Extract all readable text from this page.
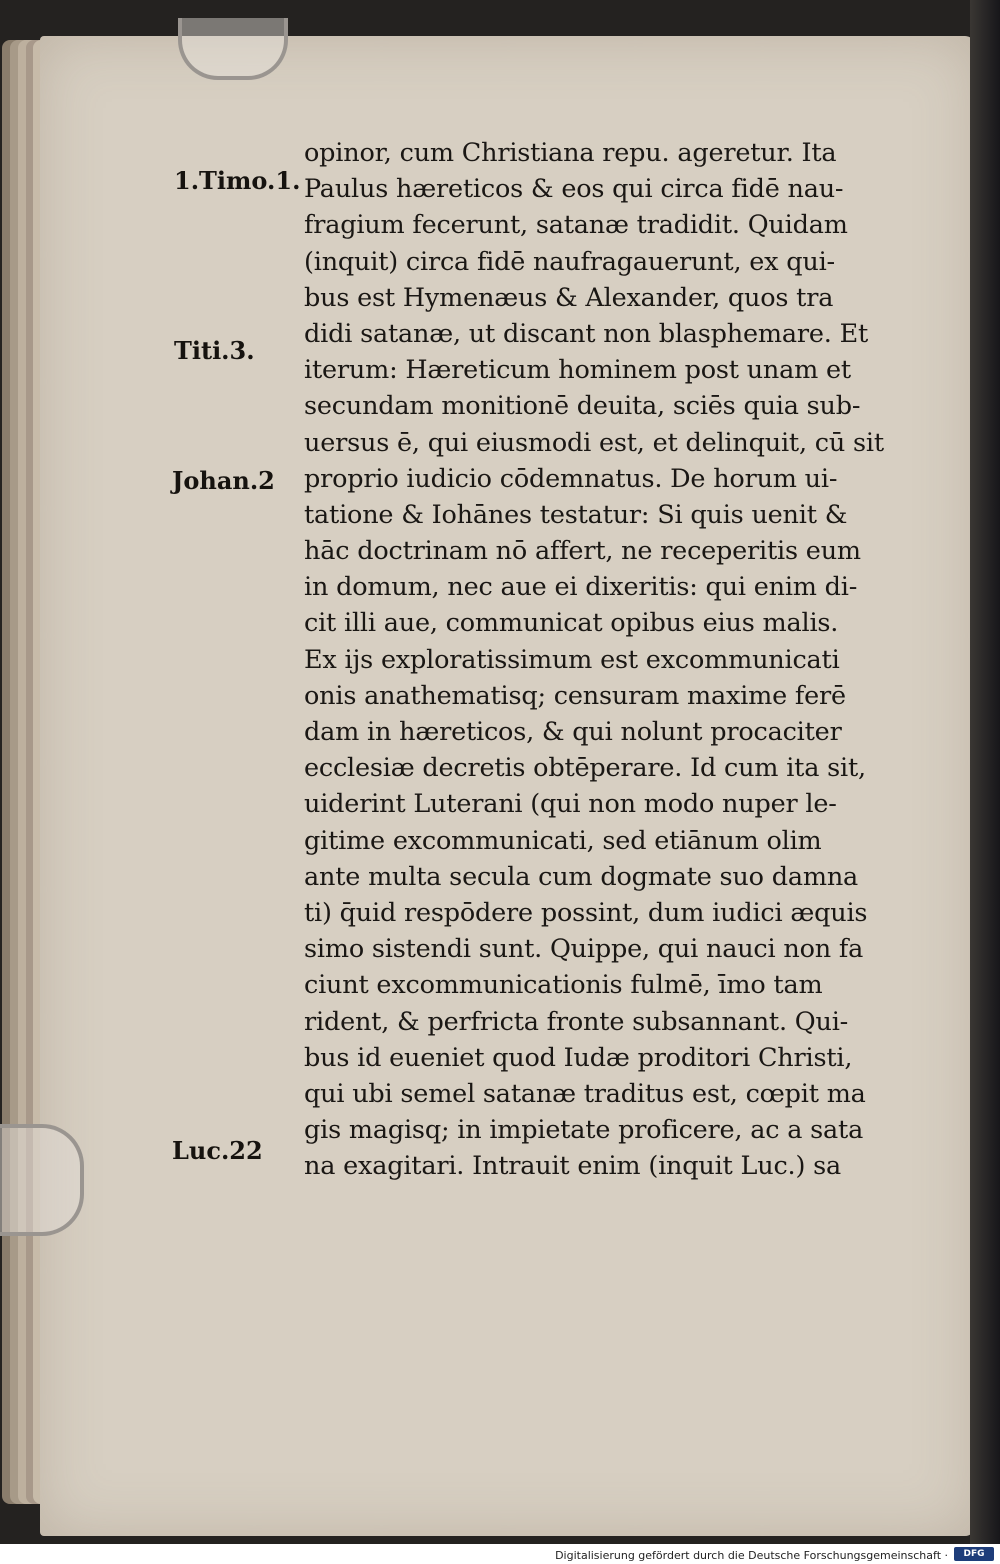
opinor, cum Christiana repu. ageretur. Ita
Paulus hæreticos & eos qui circa fidē nau-
fragium fecerunt, satanæ tradidit. Quidam
(inquit) circa fidē naufragauerunt, ex qui-
bus est Hymenæus & Alexander, quos tra
didi satanæ, ut discant non blasphemare. Et
iterum: Hæreticum hominem post unam et
secundam monitionē deuita, sciēs quia sub-
uersus ē, qui eiusmodi est, et delinquit, cū sit
proprio iudicio cōdemnatus. De horum ui-
tatione & Iohānes testatur: Si quis uenit &
hāc doctrinam nō affert, ne receperitis eum
in domum, nec aue ei dixeritis: qui enim di-
cit illi aue, communicat opibus eius malis.
Ex ijs exploratissimum est excommunicati
onis anathematisq; censuram maxime ferē
dam in hæreticos, & qui nolunt procaciter
ecclesiæ decretis obtēperare. Id cum ita sit,
uiderint Luterani (qui non modo nuper le-
gitime excommunicati, sed etiānum olim
ante multa secula cum dogmate suo damna
ti) q̄uid respōdere possint, dum iudici æquis
simo sistendi sunt. Quippe, qui nauci non fa
ciunt excommunicationis fulmē, īmo tam
rident, & perfricta fronte subsannant. Qui-
bus id eueniet quod Iudæ proditori Christi,
qui ubi semel satanæ traditus est, cœpit ma
gis magisq; in impietate proficere, ac a sata
na exagitari. Intrauit enim (inquit Luc.) sa
1.Timo.1.
Titi.3.
Johan.2
Luc.22
Digitalisierung gefördert durch die Deutsche Forschungsgemeinschaft ·	DFG
